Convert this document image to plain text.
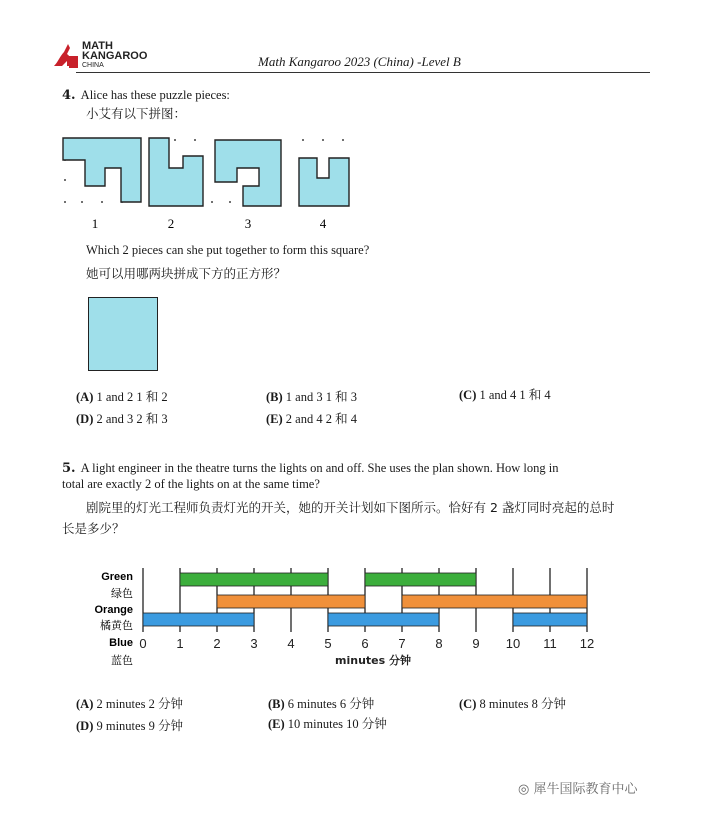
MATH
KANGAROO
CHINA	Math Kangaroo 2023 (China) -Level B
4. Alice has these puzzle pieces:
小艾有以下拼图：
1	2	3	4
Which 2 pieces can she put together to form this square?
她可以用哪两块拼成下方的正方形？
(A) 1 and 2 1 和 2	(B) 1 and 3 1 和 3	(C) 1 and 4 1 和 4
(D) 2 and 3 2 和 3	(E) 2 and 4 2 和 4
5. A light engineer in the theatre turns the lights on and off. She uses the plan shown. How long in
total are exactly 2 of the lights on at the same time?
剧院里的灯光工程师负责灯光的开关，她的开关计划如下图所示。恰好有 2 盏灯同时亮起的总时
长是多少？
0 1 2 3 4 5 6 7 8 9 10 11 12
Green
绿色
Orange
橘黄色
Blue
蓝色	minutes 分钟
(A) 2 minutes 2 分钟	(B) 6 minutes 6 分钟	(C) 8 minutes 8 分钟
(D) 9 minutes 9 分钟	(E) 10 minutes 10 分钟
◎ 犀牛国际教育中心
